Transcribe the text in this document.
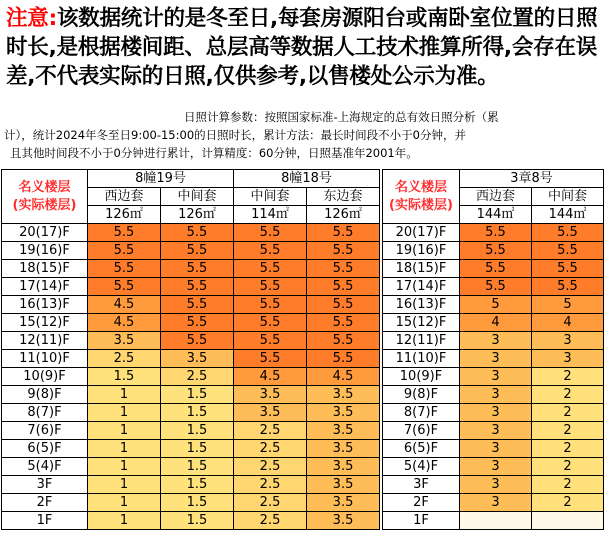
注意:该数据统计的是冬至日,每套房源阳台或南卧室位置的日照时长,是根据楼间距、总层高等数据人工技术推算所得,会存在误差,不代表实际的日照,仅供参考,以售楼处公示为准。
日照计算参数：按照国家标准-上海规定的总有效日照分析（累
计），统计2024年冬至日9:00-15:00的日照时长，累计方法：最长时间段不小于0分钟，并
且其他时间段不小于0分钟进行累计，计算精度：60分钟，日照基准年2001年。
名义楼层
(实际楼层)	8幢19号		8幢18号	
	西边套	中间套	中间套	东边套
	126㎡	126㎡	114㎡	126㎡
20(17)F	5.5	5.5	5.5	5.5
19(16)F	5.5	5.5	5.5	5.5
18(15)F	5.5	5.5	5.5	5.5
17(14)F	5.5	5.5	5.5	5.5
16(13)F	4.5	5.5	5.5	5.5
15(12)F	4.5	5.5	5.5	5.5
12(11)F	3.5	5.5	5.5	5.5
11(10)F	2.5	3.5	5.5	5.5
10(9)F	1.5	2.5	4.5	4.5
9(8)F	1	1.5	3.5	3.5
8(7)F	1	1.5	3.5	3.5
7(6)F	1	1.5	2.5	3.5
6(5)F	1	1.5	2.5	3.5
5(4)F	1	1.5	2.5	3.5
3F	1	1.5	2.5	3.5
2F	1	1.5	2.5	3.5
1F	1	1.5	2.5	3.5
名义楼层
(实际楼层)	3章8号	
	西边套	中间套
	144㎡	144㎡
20(17)F	5.5	5.5
19(16)F	5.5	5.5
18(15)F	5.5	5.5
17(14)F	5.5	5.5
16(13)F	5	5
15(12)F	4	4
12(11)F	3	3
11(10)F	3	3
10(9)F	3	2
9(8)F	3	2
8(7)F	3	2
7(6)F	3	2
6(5)F	3	2
5(4)F	3	2
3F	3	2
2F	3	2
1F		
